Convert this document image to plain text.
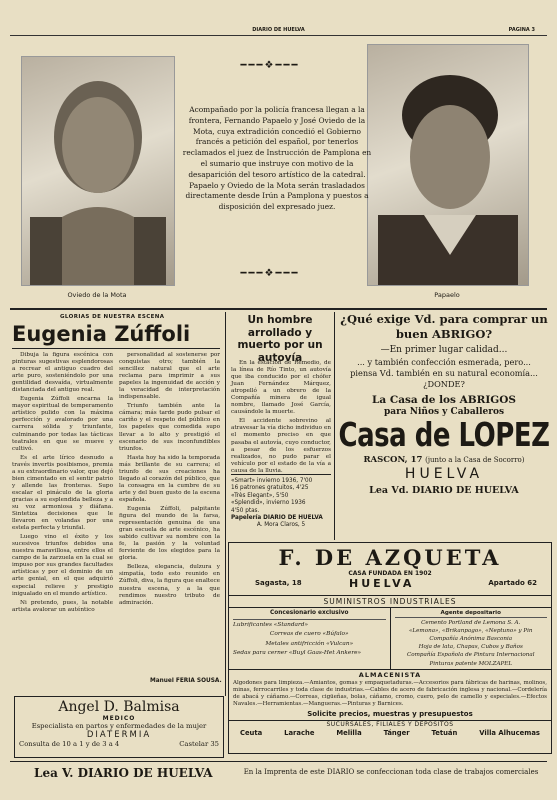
DIARIO DE HUELVA	PAGINA 3
Oviedo de la Mota	Papaelo
━━━❖━━━
Acompañado por la policía francesa llegan a la frontera, Fernando Papaelo y José Oviedo de la Mota, cuya extradición concedió el Gobierno francés a petición del español, por tenerlos reclamados el juez de Instrucción de Pamplona en el sumario que instruye con motivo de la desaparición del tesoro artístico de la catedral. Papaelo y Oviedo de la Mota serán trasladados directamente desde Irún a Pamplona y puestos a disposición del expresado juez.
━━━❖━━━
GLORIAS DE NUESTRA ESCENA
Eugenia Zúffoli

Dibuja la figura escénica con pinturas sugestivas esplendorosas a recrear el antiguo cuadro del arte puro, sosteniéndolo por una gentilidad desvaída, virtualmente distanciada del antiguo real.

Eugenia Zúffoli encarna la mayor espiritual de temperamento artístico pulido con la máxima perfección y avalorado por una carrera sólida y triunfante, culminando por todas las tácticas teatrales en que se mueve y cultivó.

Es el arte lírico desnudo a través invertis posibismos, premia a su extraordinario valor, que dejó bien cimentado en el sentir patrio y allende las fronteras. Supo escalar el pináculo de la gloria gracias a su esplendida belleza y a su voz armoniosa y diáfana. Sintetiza decisiones que le llevaron en volandas por una estela perfecta y triunfal.

Luego vino el éxito y los sucesivos triunfos debidos una nuestra maravillosa, entre ellos el campo de la zarzuela en la cual se impuso por sus grandes facultades artísticas y por el dominio de un arte genial, en el que adquirió especial relieve y prestigio inigualado en el mundo artístico.

Ni pretendo, pues, la notable artista avalorar un auténtico

personalidad al sostenerse por conquistas otro; también la sencillez natural que el arte reclama para imprimir a sus papeles la ingenuidad de acción y la veracidad de interpretación indispensable.

Triunfo también ante la cámara; más tarde pudo pulsar el cariño y el respeto del público en los papeles que comedida supo llevar a lo alto y prestigió el escenario de sus inconfundibles triunfos.

Hasta hoy ha sido la temporada más brillante de su carrera; el triunfo de sus creaciones ha llegado al corazón del público, que la consagra en la cumbre de su arte y del buen gusto de la escena española.

Eugenia Zúffoli, palpitante figura del mundo de la farsa, representación genuina de una gran escuela de arte escénico, ha sabido cultivar su nombre con la fe, la pasión y la voluntad ferviente de los elegidos para la gloria.

Belleza, elegancia, dulzura y simpatía, todo esto reunido en Zúffoli, diva, la figura que enaltece nuestra escena, y a la que rendimos nuestro tributo de admiración.

Manuel FERIA SOUSA.
Un hombre arrollado y muerto por un autovía

En la estación de Remedio, de la línea de Río Tinto, un autovía que iba conducido por el chófer Juan Fernández Márquez, atropelló a un obrero de la Compañía minera de igual nombre, llamado José García, causándole la muerte.

El accidente sobrevino al atravesar la vía dicho individuo en el momento preciso en que pasaba el autovía, cuyo conductor, a pesar de los esfuerzos realizados, no pudo parar el vehículo por el estado de la vía a causa de la lluvia.

«Smart» invierno 1936, 7'00
16 patrones gratuitos, 4'25
«Très Elegant», 5'50
«Splendid», invierno 1936
4'50 ptas.
Papelería DIARIO DE HUELVA
A. Mora Claros, 5
¿Qué exige Vd. para comprar un buen ABRIGO?
—En primer lugar calidad...
... y también confección esmerada, pero...
piensa Vd. también en su natural economía... ¿DONDE?
La Casa de los ABRIGOS
para Niños y Caballeros
Casa de LOPEZ
RASCON, 17 (junto a la Casa de Socorro)
HUELVA
Lea Vd. DIARIO DE HUELVA
F. DE AZQUETA
CASA FUNDADA EN 1902
Sagasta, 18	HUELVA	Apartado 62
SUMINISTROS INDUSTRIALES
Concesionario exclusivo
Lubrificantes «Standard»
Correas de cuero «Búfalo»
Metales antifricción «Vulcan»
Sedas para cerner «Buyl Gaas-Het Ankere»
Agente depositario
Cemento Portland de Lemona S. A.
«Lemona», «Brikanpago», «Neptuno» y Pin
Compañía Anónima Basconia
Hoja de lata, Chapas, Cubos y Baños
Compañía Española de Pintura Internacional
Pinturas patente MOLZAPEL
ALMACENISTA
Algodones para limpieza.—Amiantos, gomas y empaquetaduras.—Accesorios para fábricas de harinas, molinos, minas, ferrocarriles y toda clase de industrias.—Cables de acero de fabricación inglesa y nacional.—Cordelería de abacá y cáñamo.—Correas, cigüeñas, bolas, cáñamo, cromo, cuero, pelo de camello y especiales.—Efectos Navales.—Herramientas.—Mangueras.—Pinturas y Barnices.
Solicite precios, muestras y presupuestos
SUCURSALES, FILIALES Y DEPOSITOS
Ceuta	Larache	Melilla	Tánger	Tetuán	Villa Alhucemas
Angel D. Balmisa
MEDICO
Especialista en partos y enfermedades de la mujer
DIATERMIA
Consulta de 10 a 1 y de 3 a 4	Castelar 35
Lea V. DIARIO DE HUELVA	En la Imprenta de este DIARIO se confeccionan toda clase de trabajos comerciales
